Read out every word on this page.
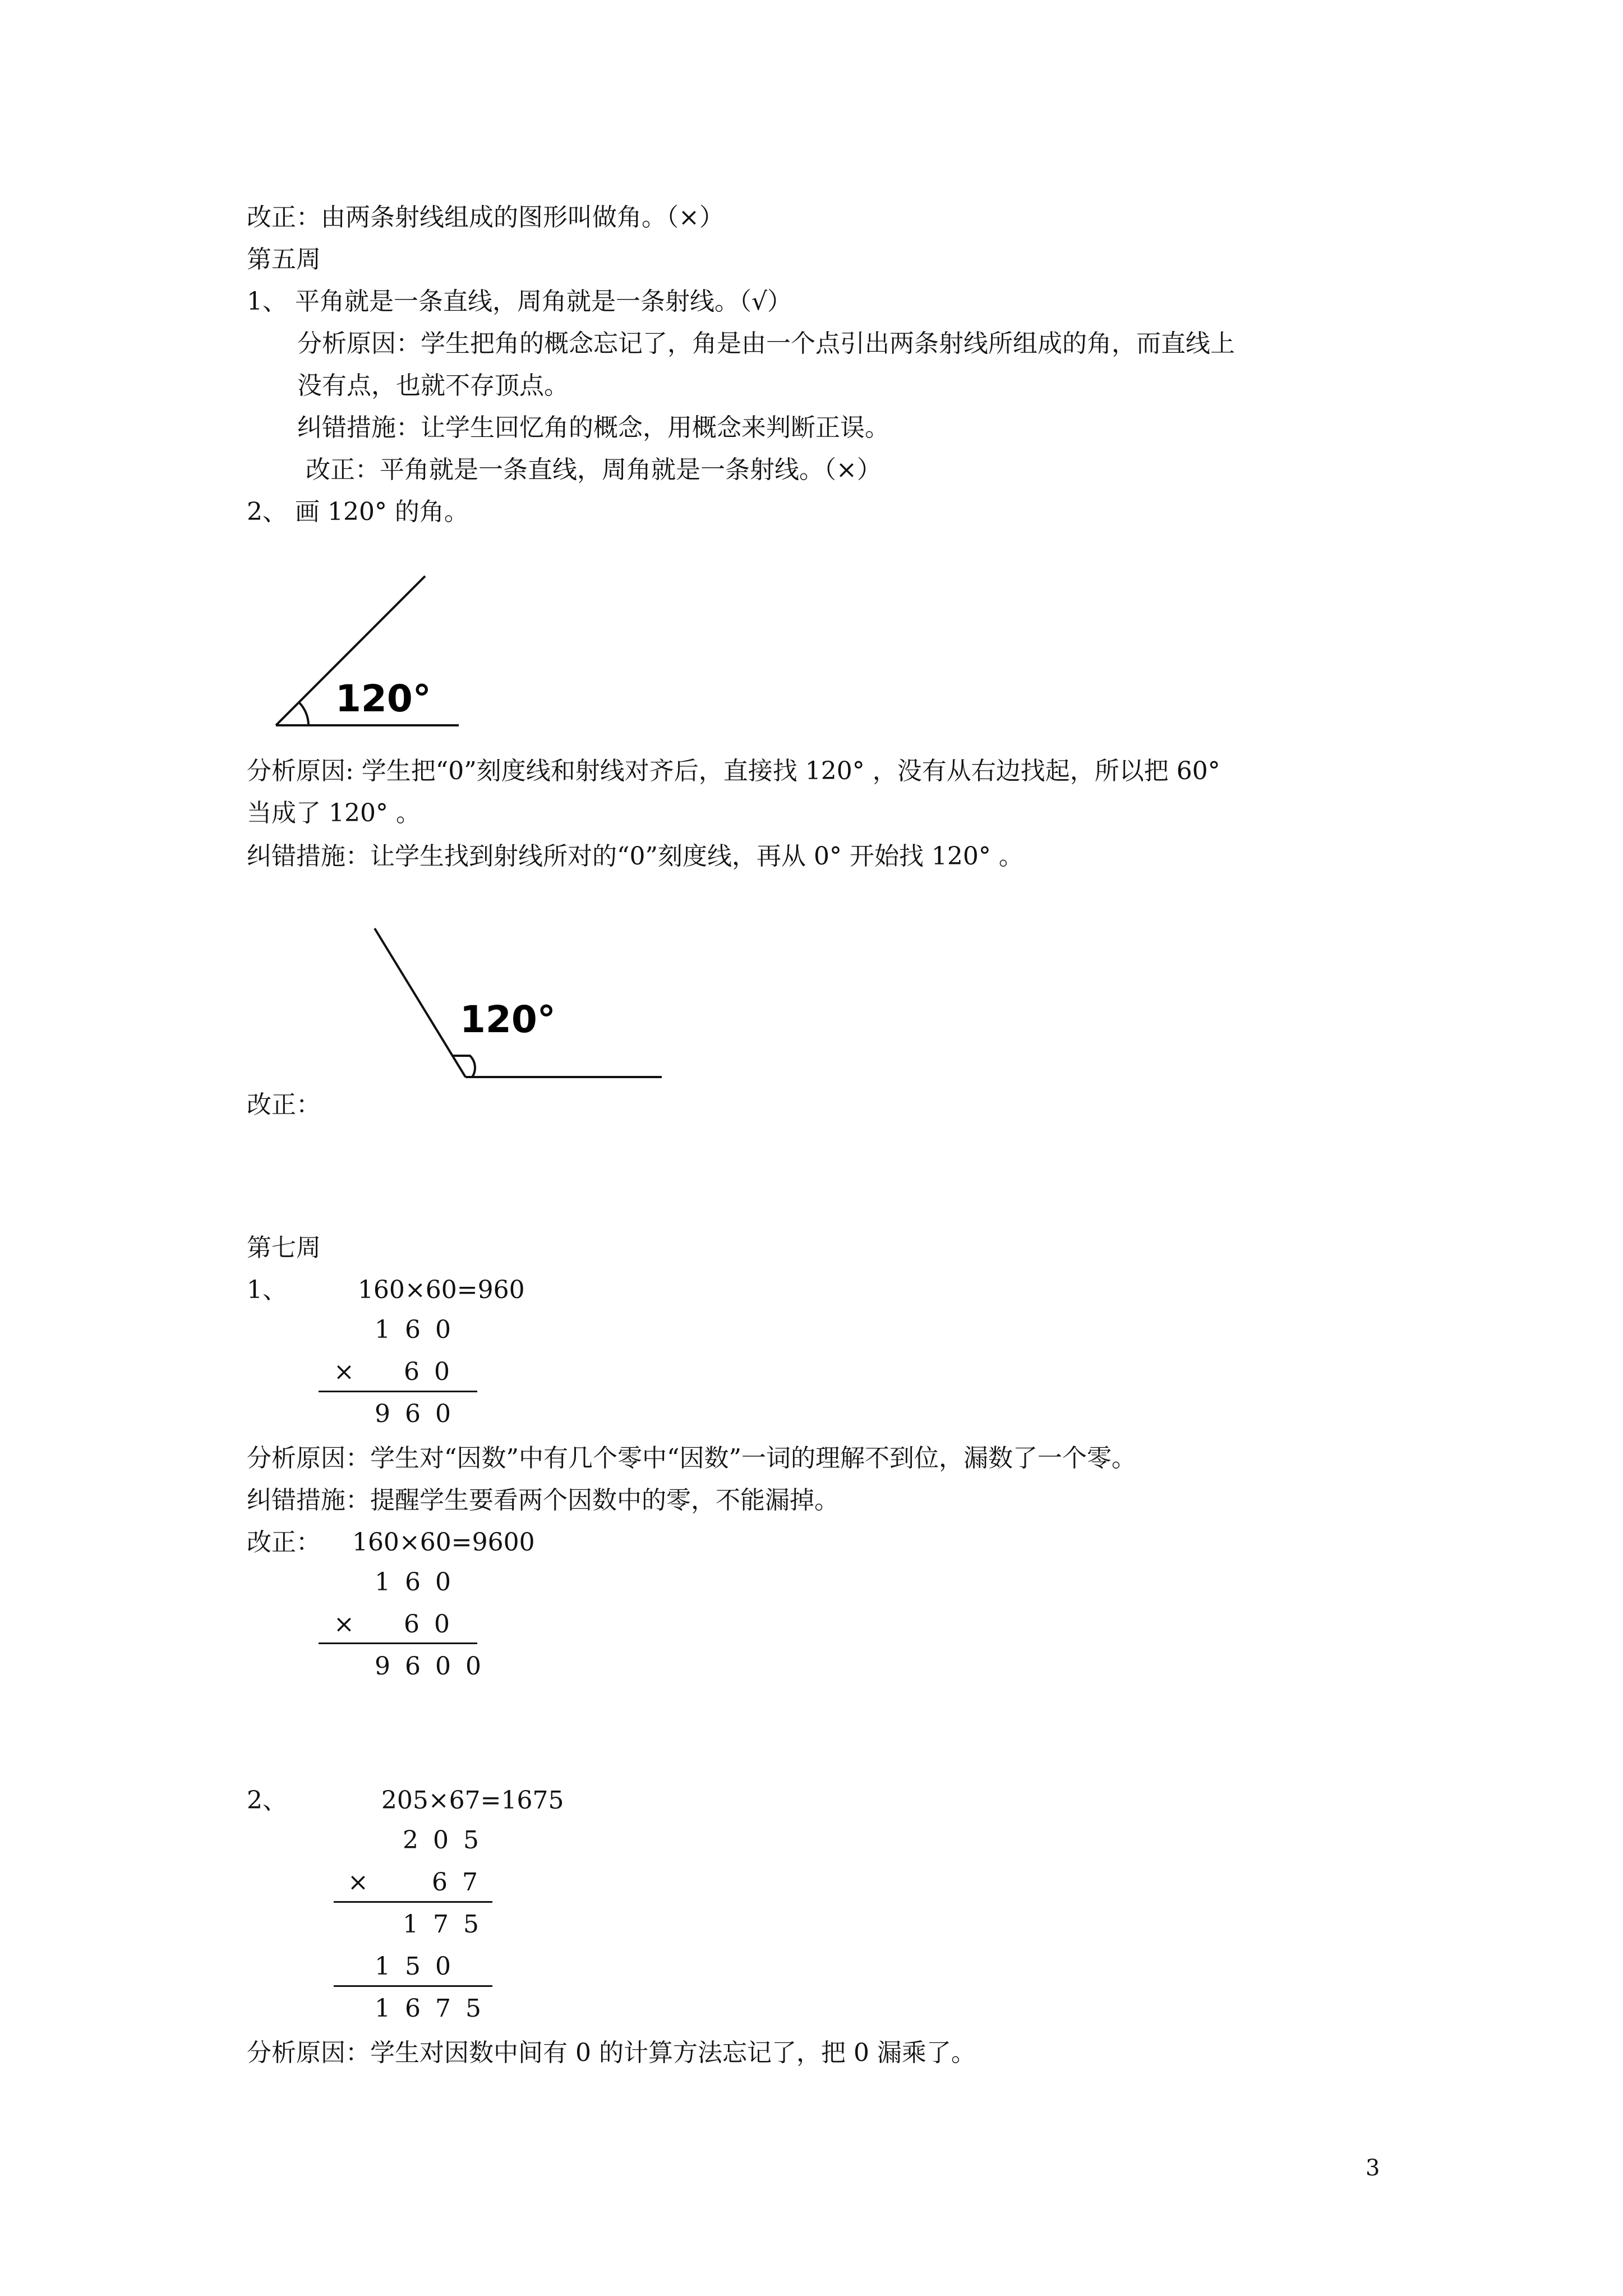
改正：由两条射线组成的图形叫做角。（×）
第五周
1、 平角就是一条直线，周角就是一条射线。（√）
分析原因：学生把角的概念忘记了，角是由一个点引出两条射线所组成的角，而直线上
没有点，也就不存顶点。
纠错措施：让学生回忆角的概念，用概念来判断正误。
改正：平角就是一条直线，周角就是一条射线。（×）
2、 画 120° 的角。
120°
120°
分析原因: 学生把“0”刻度线和射线对齐后，直接找 120° ，没有从右边找起，所以把 60°
当成了 120° 。
纠错措施：让学生找到射线所对的“0”刻度线，再从 0° 开始找 120° 。
改正：
第七周
1、         160×60=960
160
× 60
960
分析原因：学生对“因数”中有几个零中“因数”一词的理解不到位，漏数了一个零。
纠错措施：提醒学生要看两个因数中的零，不能漏掉。
改正：    160×60=9600
160
× 60
9600
2、            205×67=1675
205
× 67
175
150
1675
分析原因：学生对因数中间有 0 的计算方法忘记了，把 0 漏乘了。
3
